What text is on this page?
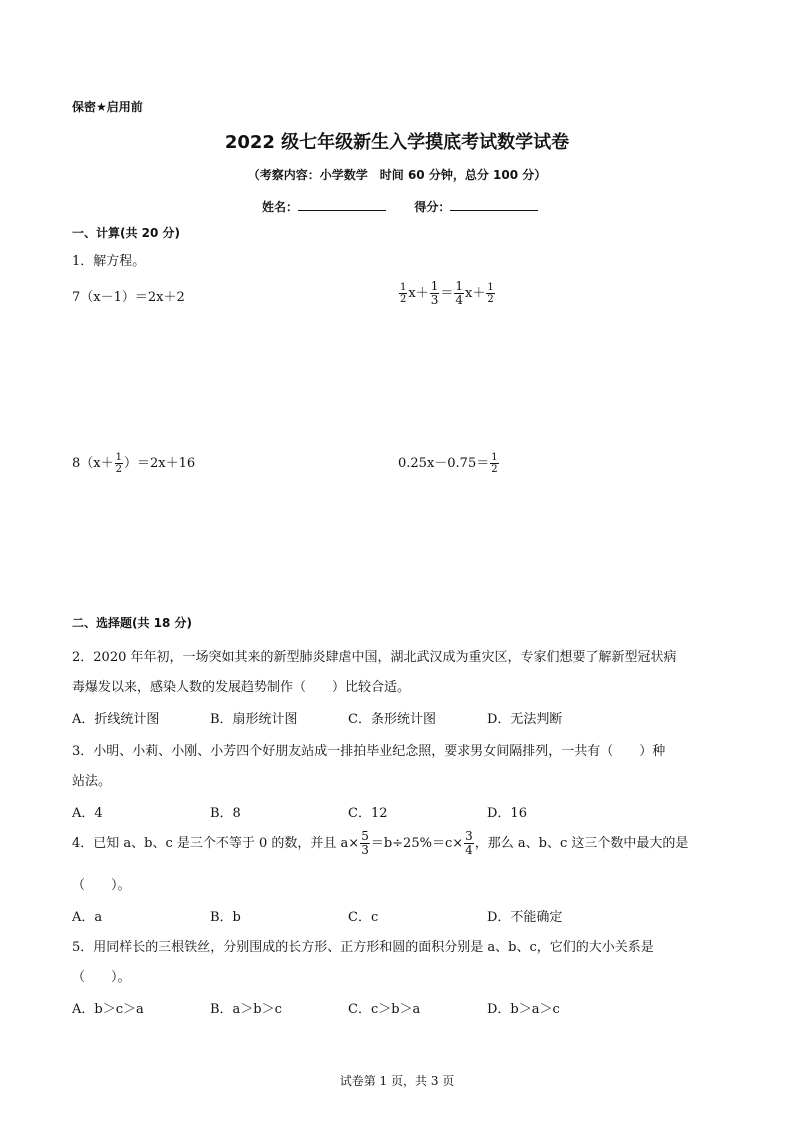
保密★启用前
2022 级七年级新生入学摸底考试数学试卷
（考察内容：小学数学　时间 60 分钟，总分 100 分）
姓名：	得分：
一、计算(共 20 分)
1．解方程。
7（x－1）＝2x＋2	$\frac{1}{2} x+ \frac{1}{3} = \frac{1}{4} x+ \frac{1}{2}$
$8(x+ \frac{1}{2} )=2x+16$	$0.25x-0.75= \frac{1}{2}$
二、选择题(共 18 分)
2．2020 年年初，一场突如其来的新型肺炎肆虐中国，湖北武汉成为重灾区，专家们想要了解新型冠状病
毒爆发以来，感染人数的发展趋势制作（　　）比较合适。
A．折线统计图	B．扇形统计图	C．条形统计图	D．无法判断
3．小明、小莉、小刚、小芳四个好朋友站成一排拍毕业纪念照，要求男女间隔排列，一共有（　　）种
站法。
A．4	B．8	C．12	D．16
4．已知 a、b、c 是三个不等于 0 的数，并且 $a\times \frac{5}{3} =b\div 25\%=c\times \frac{3}{4}$ ，那么 a、b、c 这三个数中最大的是
（　　）。
A．a	B．b	C．c	D．不能确定
5．用同样长的三根铁丝，分别围成的长方形、正方形和圆的面积分别是 a、b、c，它们的大小关系是
（　　）。
A．b＞c＞a	B．a＞b＞c	C．c＞b＞a	D．b＞a＞c
试卷第 1 页，共 3 页
